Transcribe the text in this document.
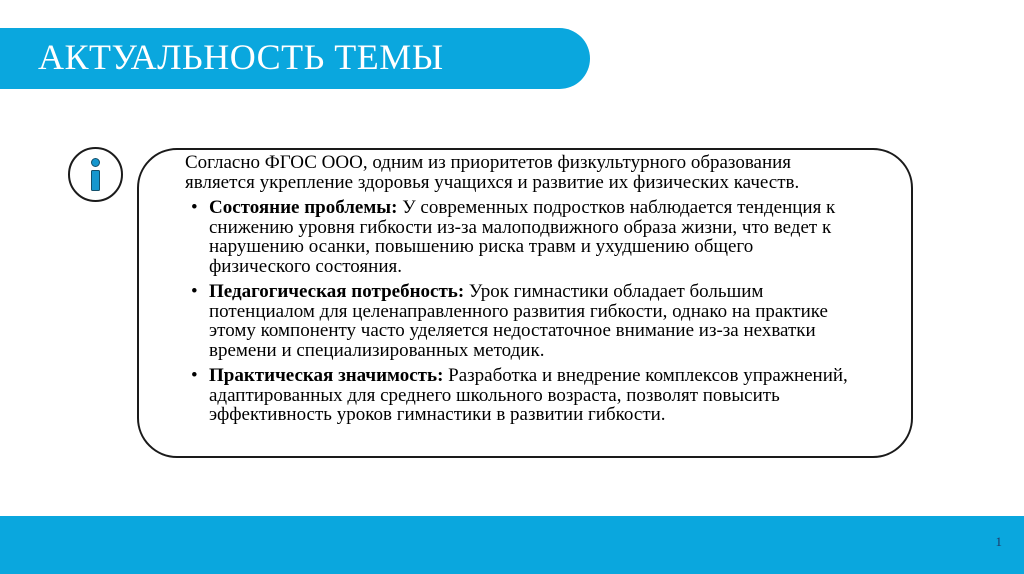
АКТУАЛЬНОСТЬ ТЕМЫ
Согласно ФГОС ООО, одним из приоритетов физкультурного образования является укрепление здоровья учащихся и развитие их физических качеств.
• Состояние проблемы: У современных подростков наблюдается тенденция к снижению уровня гибкости из-за малоподвижного образа жизни, что ведет к нарушению осанки, повышению риска травм и ухудшению общего физического состояния.
• Педагогическая потребность: Урок гимнастики обладает большим потенциалом для целенаправленного развития гибкости, однако на практике этому компоненту часто уделяется недостаточное внимание из-за нехватки времени и специализированных методик.
• Практическая значимость: Разработка и внедрение комплексов упражнений, адаптированных для среднего школьного возраста, позволят повысить эффективность уроков гимнастики в развитии гибкости.
1
